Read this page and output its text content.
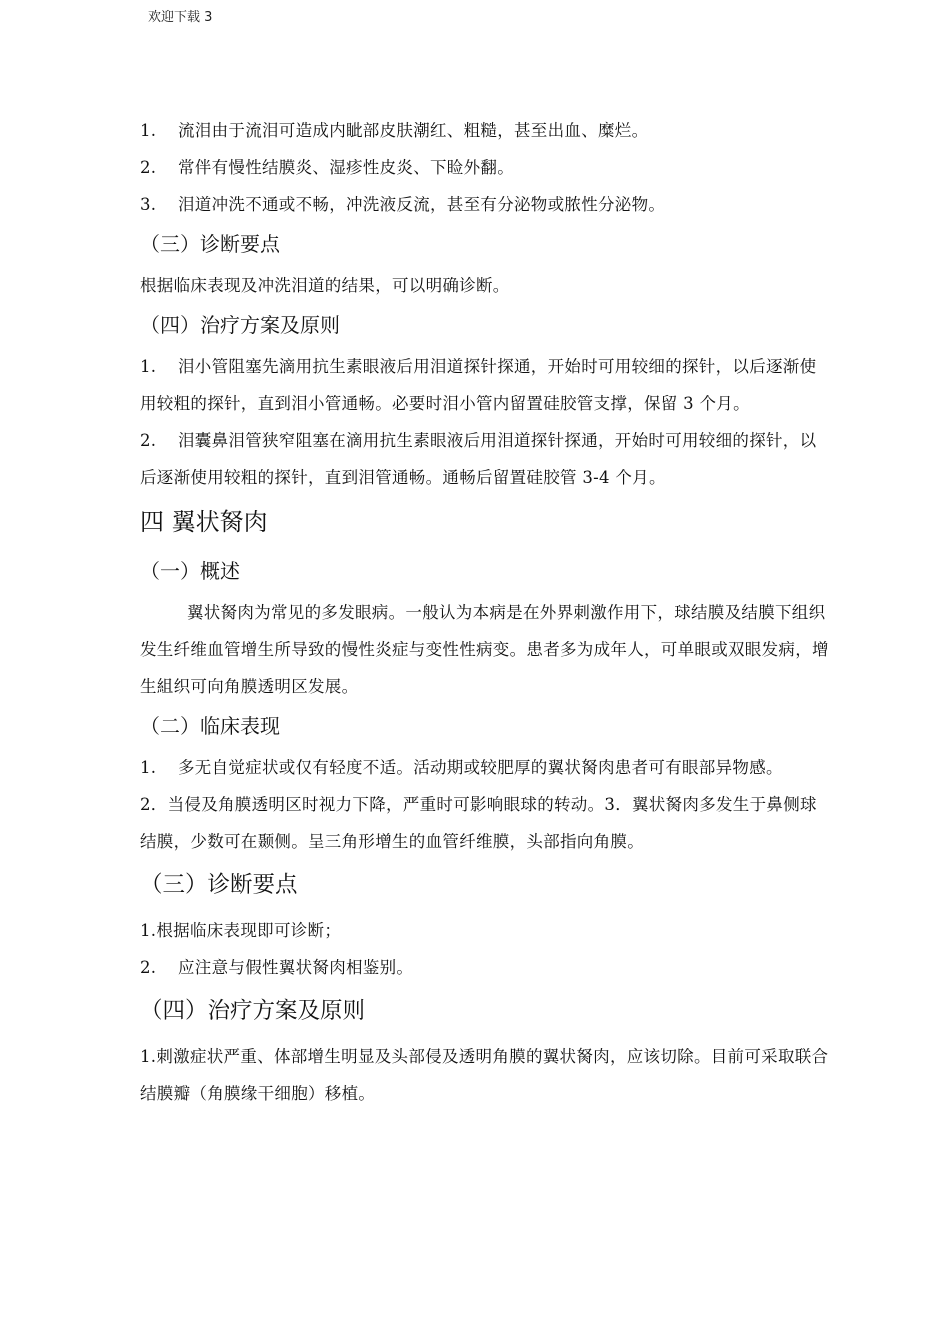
欢迎下载 3

1. 流泪由于流泪可造成内眦部皮肤潮红、粗糙，甚至出血、糜烂。

2. 常伴有慢性结膜炎、湿疹性皮炎、下睑外翻。

3. 泪道冲洗不通或不畅，冲洗液反流，甚至有分泌物或脓性分泌物。

（三）诊断要点

根据临床表现及冲洗泪道的结果，可以明确诊断。

（四）治疗方案及原则

1. 泪小管阻塞先滴用抗生素眼液后用泪道探针探通，开始时可用较细的探针，以后逐渐使用较粗的探针，直到泪小管通畅。必要时泪小管内留置硅胶管支撑，保留 3 个月。

2. 泪囊鼻泪管狭窄阻塞在滴用抗生素眼液后用泪道探针探通，开始时可用较细的探针，以后逐渐使用较粗的探针，直到泪管通畅。通畅后留置硅胶管 3-4 个月。

四 翼状胬肉
（一）概述

翼状胬肉为常见的多发眼病。一般认为本病是在外界刺激作用下，球结膜及结膜下组织发生纤维血管增生所导致的慢性炎症与变性性病变。患者多为成年人，可单眼或双眼发病，增生組织可向角膜透明区发展。

（二）临床表现

1. 多无自觉症状或仅有轻度不适。活动期或较肥厚的翼状胬肉患者可有眼部异物感。

2．当侵及角膜透明区时视力下降，严重时可影响眼球的转动。3．翼状胬肉多发生于鼻侧球结膜，少数可在颞侧。呈三角形增生的血管纤维膜，头部指向角膜。

（三）诊断要点

1.根据临床表现即可诊断；

2. 应注意与假性翼状胬肉相鉴别。

（四）治疗方案及原则

1.刺激症状严重、体部增生明显及头部侵及透明角膜的翼状胬肉，应该切除。目前可采取联合结膜瓣（角膜缘干细胞）移植。
